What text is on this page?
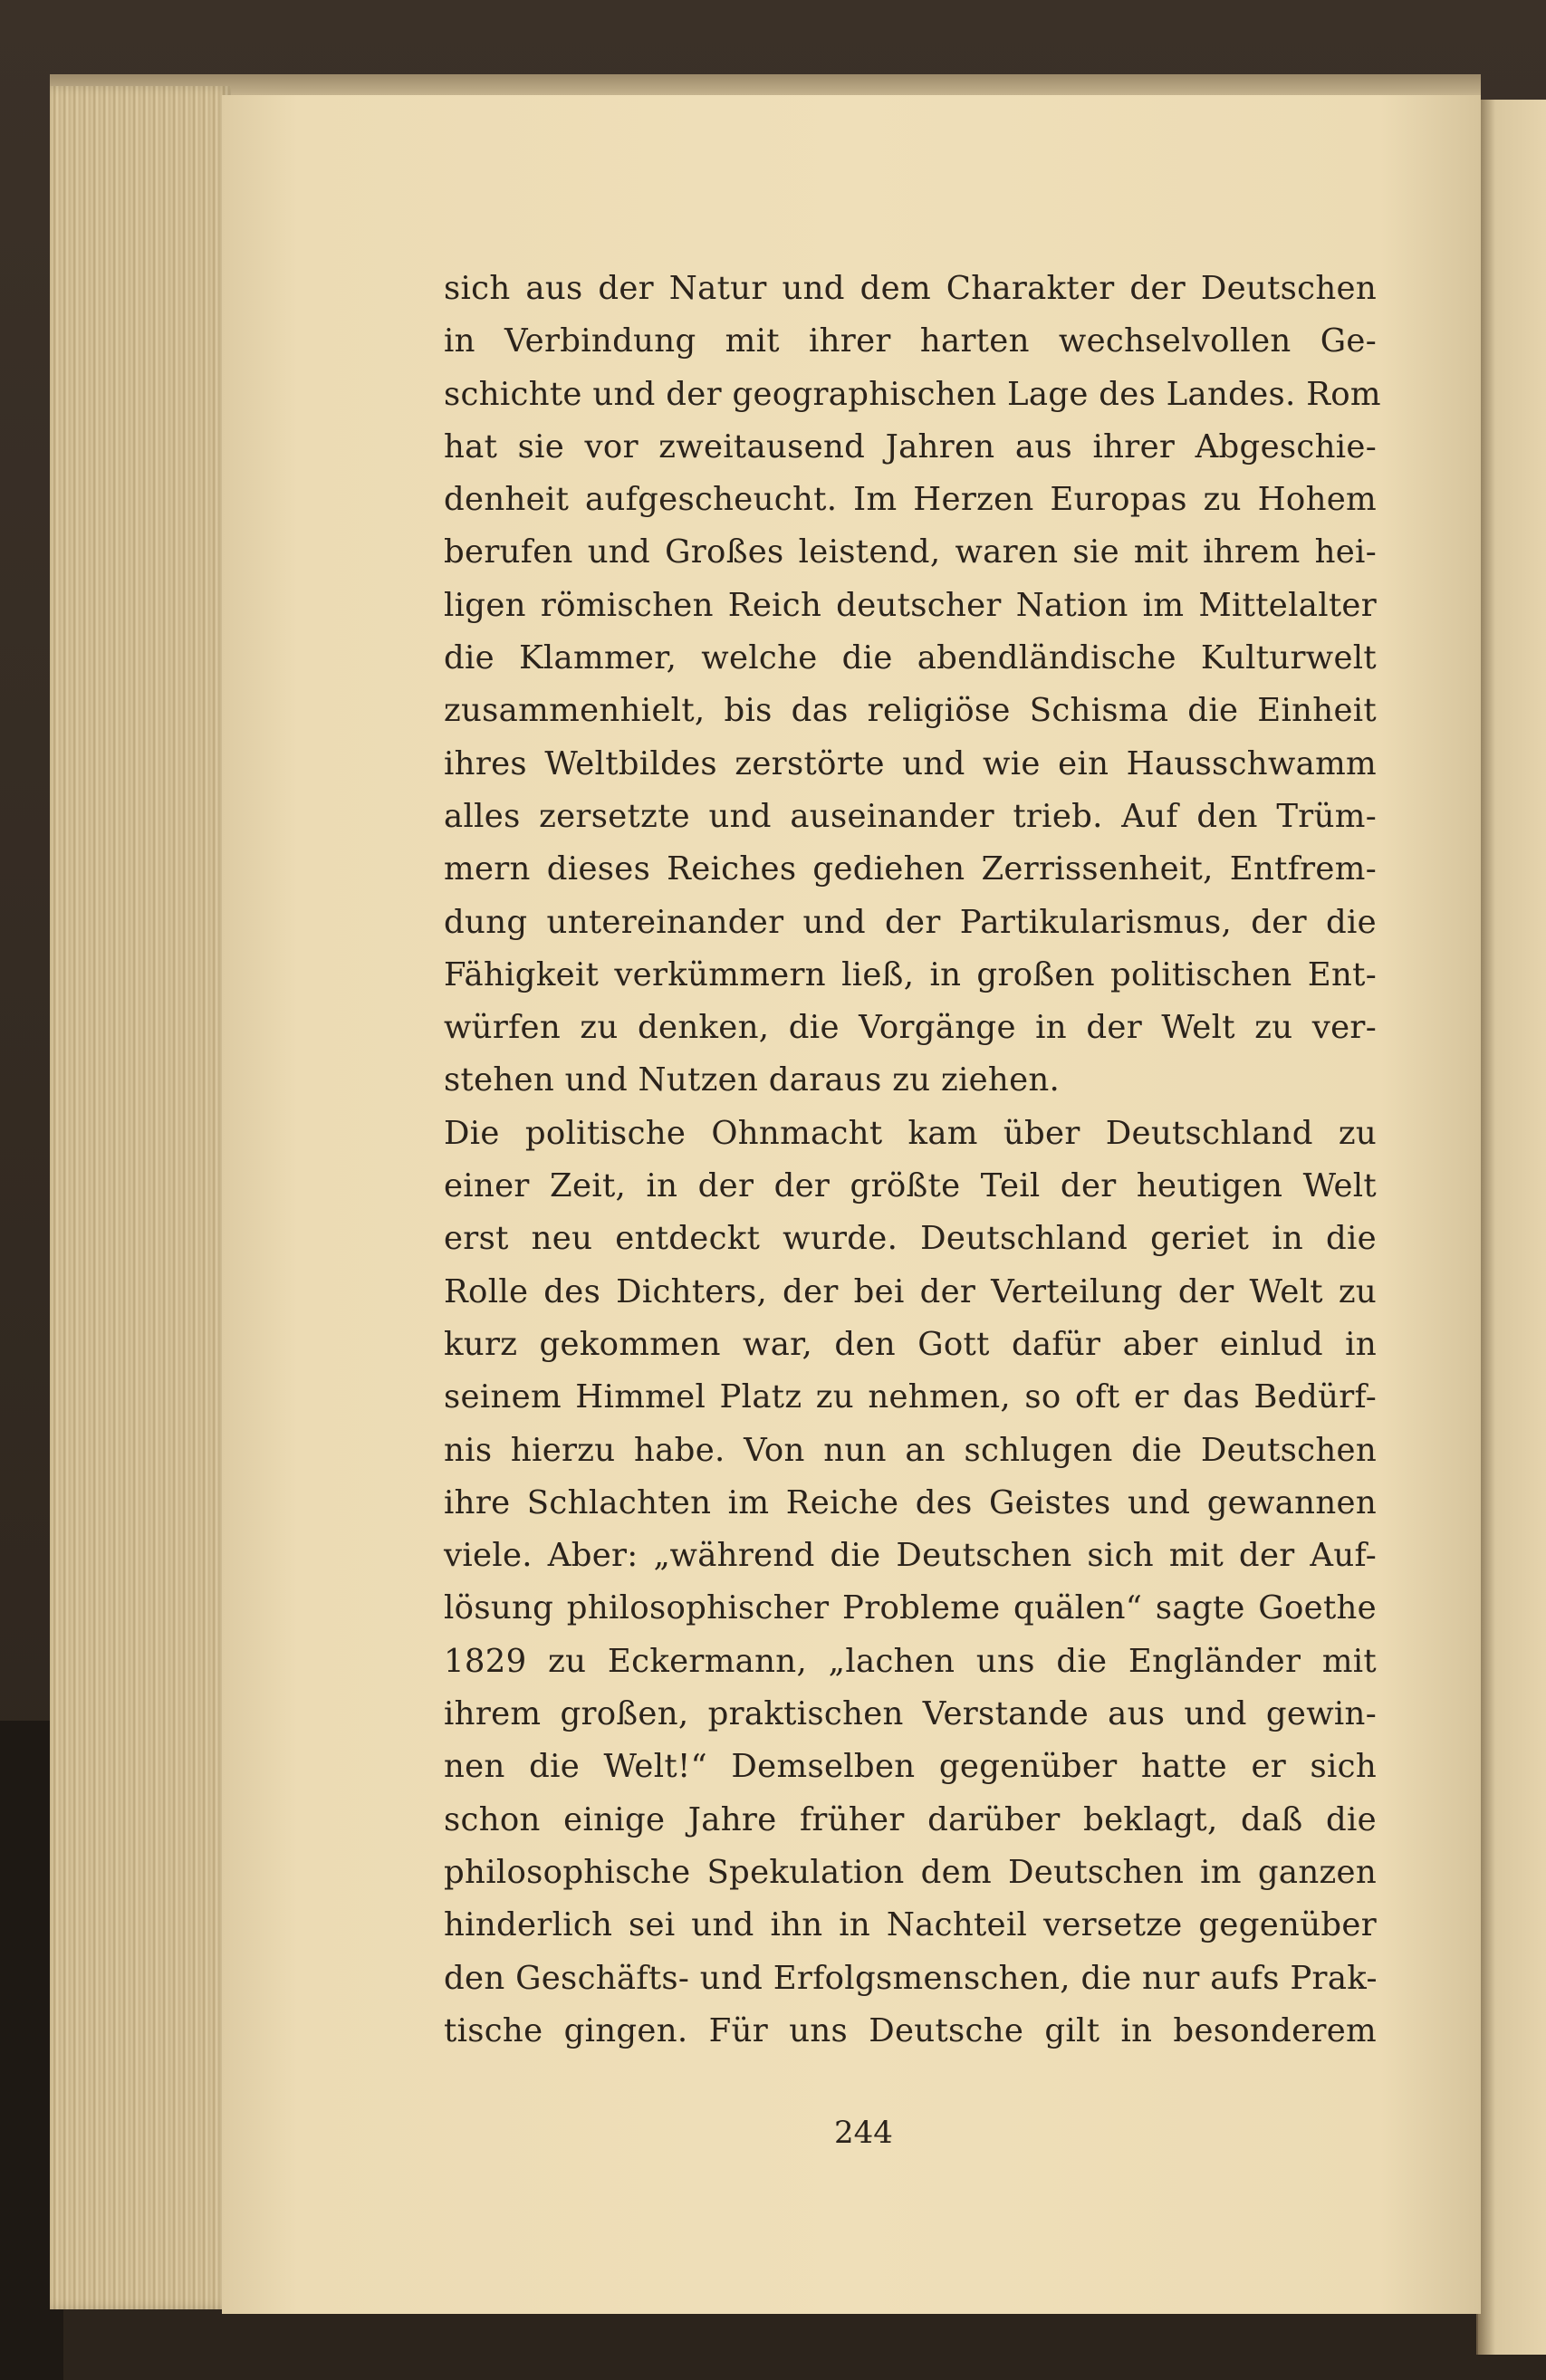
sich aus der Natur und dem Charakter der Deutschen
in Verbindung mit ihrer harten wechselvollen Ge-
schichte und der geographischen Lage des Landes. Rom
hat sie vor zweitausend Jahren aus ihrer Abgeschie-
denheit aufgescheucht. Im Herzen Europas zu Hohem
berufen und Großes leistend, waren sie mit ihrem hei-
ligen römischen Reich deutscher Nation im Mittelalter
die Klammer, welche die abendländische Kulturwelt
zusammenhielt, bis das religiöse Schisma die Einheit
ihres Weltbildes zerstörte und wie ein Hausschwamm
alles zersetzte und auseinander trieb. Auf den Trüm-
mern dieses Reiches gediehen Zerrissenheit, Entfrem-
dung untereinander und der Partikularismus, der die
Fähigkeit verkümmern ließ, in großen politischen Ent-
würfen zu denken, die Vorgänge in der Welt zu ver-
stehen und Nutzen daraus zu ziehen.
Die politische Ohnmacht kam über Deutschland zu
einer Zeit, in der der größte Teil der heutigen Welt
erst neu entdeckt wurde. Deutschland geriet in die
Rolle des Dichters, der bei der Verteilung der Welt zu
kurz gekommen war, den Gott dafür aber einlud in
seinem Himmel Platz zu nehmen, so oft er das Bedürf-
nis hierzu habe. Von nun an schlugen die Deutschen
ihre Schlachten im Reiche des Geistes und gewannen
viele. Aber: „während die Deutschen sich mit der Auf-
lösung philosophischer Probleme quälen“ sagte Goethe
1829 zu Eckermann, „lachen uns die Engländer mit
ihrem großen, praktischen Verstande aus und gewin-
nen die Welt!“ Demselben gegenüber hatte er sich
schon einige Jahre früher darüber beklagt, daß die
philosophische Spekulation dem Deutschen im ganzen
hinderlich sei und ihn in Nachteil versetze gegenüber
den Geschäfts- und Erfolgsmenschen, die nur aufs Prak-
tische gingen. Für uns Deutsche gilt in besonderem
244
